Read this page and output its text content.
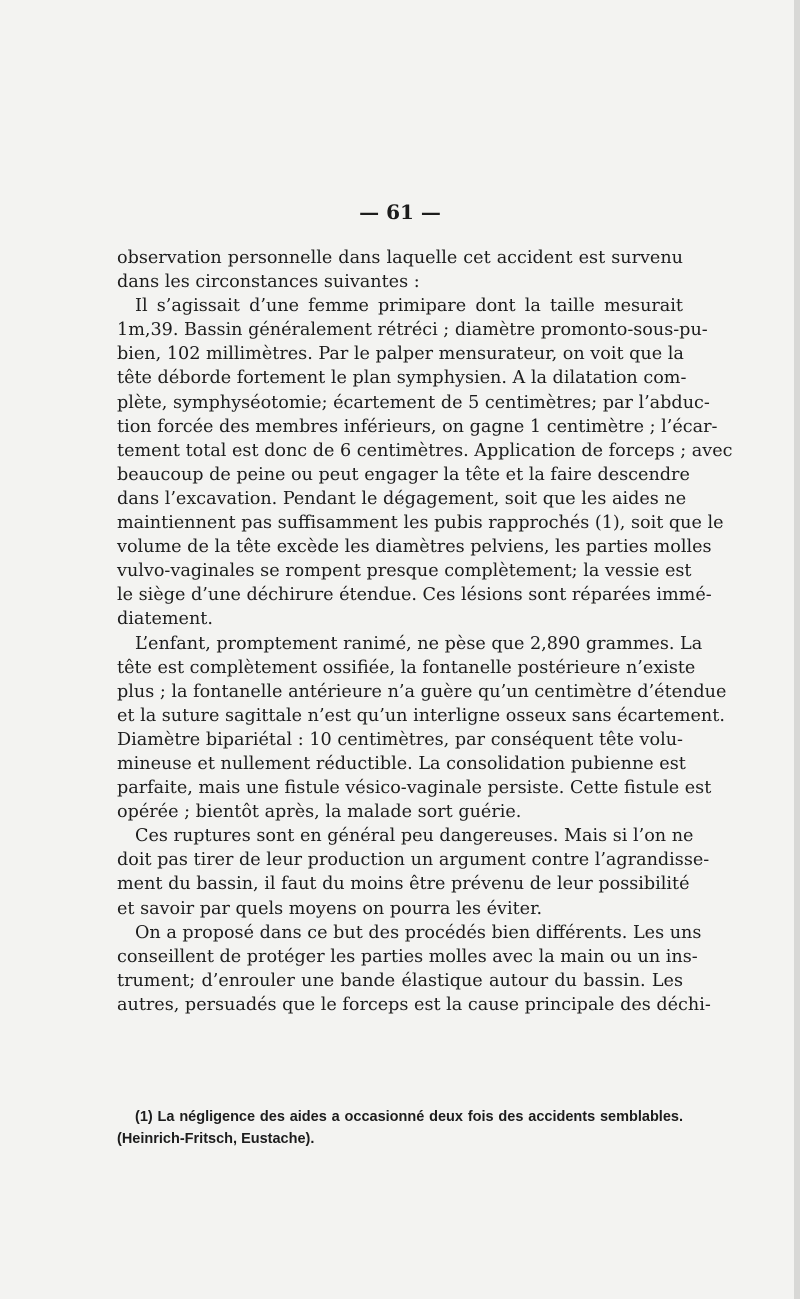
— 61 —
observation personnelle dans laquelle cet accident est survenu
dans les circonstances suivantes :
Il s’agissait d’une femme primipare dont la taille mesurait
1m,39. Bassin généralement rétréci ; diamètre promonto-sous-pu-
bien, 102 millimètres. Par le palper mensurateur, on voit que la
tête déborde fortement le plan symphysien. A la dilatation com-
plète, symphyséotomie; écartement de 5 centimètres; par l’abduc-
tion forcée des membres inférieurs, on gagne 1 centimètre ; l’écar-
tement total est donc de 6 centimètres. Application de forceps ; avec
beaucoup de peine ou peut engager la tête et la faire descendre
dans l’excavation. Pendant le dégagement, soit que les aides ne
maintiennent pas suffisamment les pubis rapprochés (1), soit que le
volume de la tête excède les diamètres pelviens, les parties molles
vulvo-vaginales se rompent presque complètement; la vessie est
le siège d’une déchirure étendue. Ces lésions sont réparées immé-
diatement.
L’enfant, promptement ranimé, ne pèse que 2,890 grammes. La
tête est complètement ossifiée, la fontanelle postérieure n’existe
plus ; la fontanelle antérieure n’a guère qu’un centimètre d’étendue
et la suture sagittale n’est qu’un interligne osseux sans écartement.
Diamètre bipariétal : 10 centimètres, par conséquent tête volu-
mineuse et nullement réductible. La consolidation pubienne est
parfaite, mais une fistule vésico-vaginale persiste. Cette fistule est
opérée ; bientôt après, la malade sort guérie.
Ces ruptures sont en général peu dangereuses. Mais si l’on ne
doit pas tirer de leur production un argument contre l’agrandisse-
ment du bassin, il faut du moins être prévenu de leur possibilité
et savoir par quels moyens on pourra les éviter.
On a proposé dans ce but des procédés bien différents. Les uns
conseillent de protéger les parties molles avec la main ou un ins-
trument; d’enrouler une bande élastique autour du bassin. Les
autres, persuadés que le forceps est la cause principale des déchi-
(1) La négligence des aides a occasionné deux fois des accidents semblables.
(Heinrich-Fritsch, Eustache).
